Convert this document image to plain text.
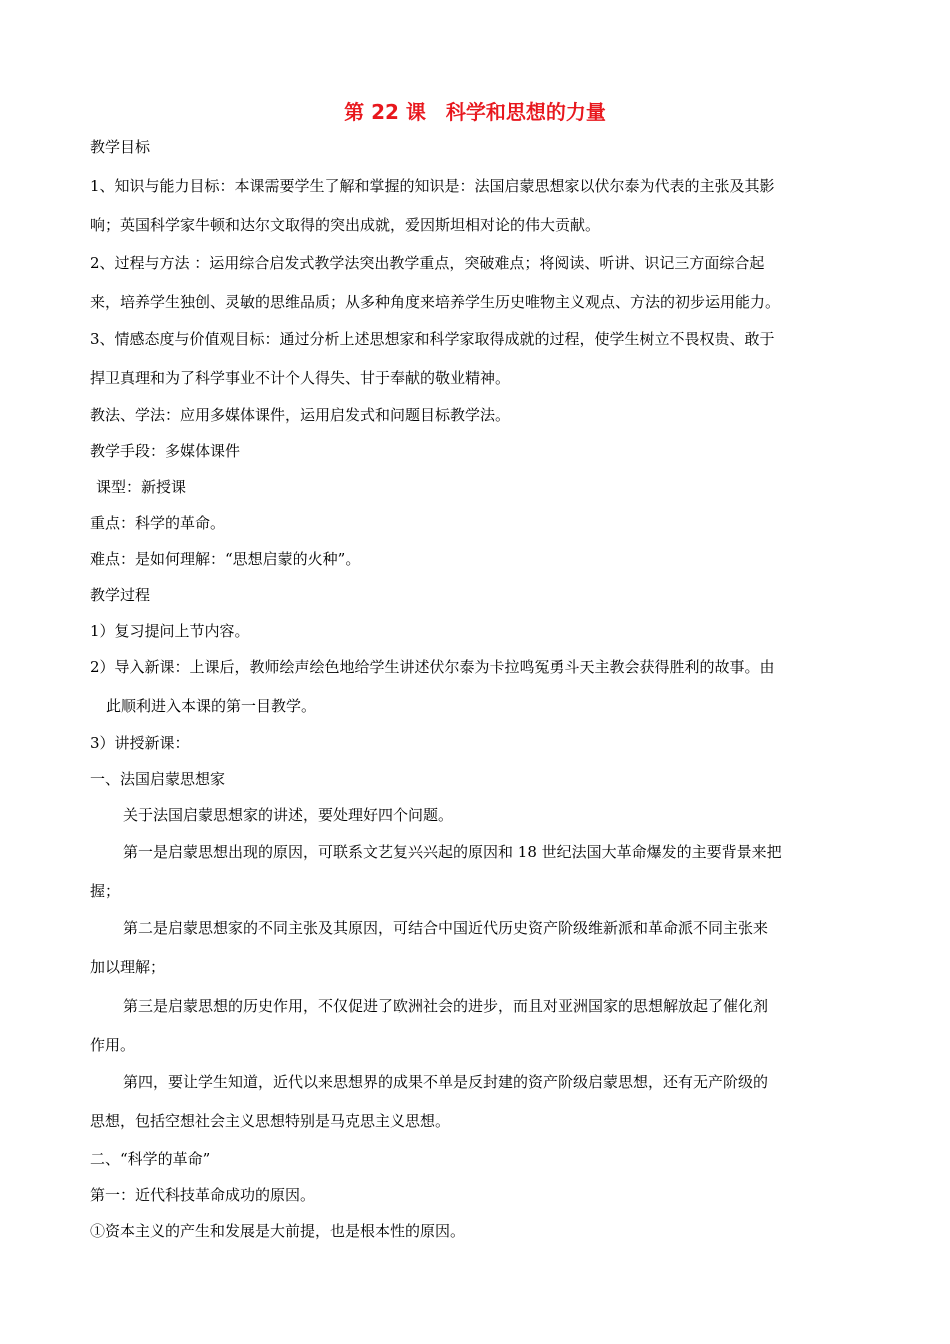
第 22 课　科学和思想的力量

教学目标

1、知识与能力目标：本课需要学生了解和掌握的知识是：法国启蒙思想家以伏尔泰为代表的主张及其影

响；英国科学家牛顿和达尔文取得的突出成就，爱因斯坦相对论的伟大贡献。

2、过程与方法 ：运用综合启发式教学法突出教学重点，突破难点；将阅读、听讲、识记三方面综合起

来，培养学生独创、灵敏的思维品质；从多种角度来培养学生历史唯物主义观点、方法的初步运用能力。

3、情感态度与价值观目标：通过分析上述思想家和科学家取得成就的过程，使学生树立不畏权贵、敢于

捍卫真理和为了科学事业不计个人得失、甘于奉献的敬业精神。

教法、学法：应用多媒体课件，运用启发式和问题目标教学法。

教学手段：多媒体课件

课型：新授课

重点：科学的革命。

难点：是如何理解：“思想启蒙的火种”。

教学过程

1）复习提问上节内容。

2）导入新课：上课后，教师绘声绘色地给学生讲述伏尔泰为卡拉鸣冤勇斗天主教会获得胜利的故事。由

此顺利进入本课的第一目教学。

3）讲授新课：

一、法国启蒙思想家

关于法国启蒙思想家的讲述，要处理好四个问题。

第一是启蒙思想出现的原因，可联系文艺复兴兴起的原因和 18 世纪法国大革命爆发的主要背景来把

握；

第二是启蒙思想家的不同主张及其原因，可结合中国近代历史资产阶级维新派和革命派不同主张来

加以理解；

第三是启蒙思想的历史作用，不仅促进了欧洲社会的进步，而且对亚洲国家的思想解放起了催化剂

作用。

第四，要让学生知道，近代以来思想界的成果不单是反封建的资产阶级启蒙思想，还有无产阶级的

思想，包括空想社会主义思想特别是马克思主义思想。

二、“科学的革命”

第一：近代科技革命成功的原因。

①资本主义的产生和发展是大前提，也是根本性的原因。
